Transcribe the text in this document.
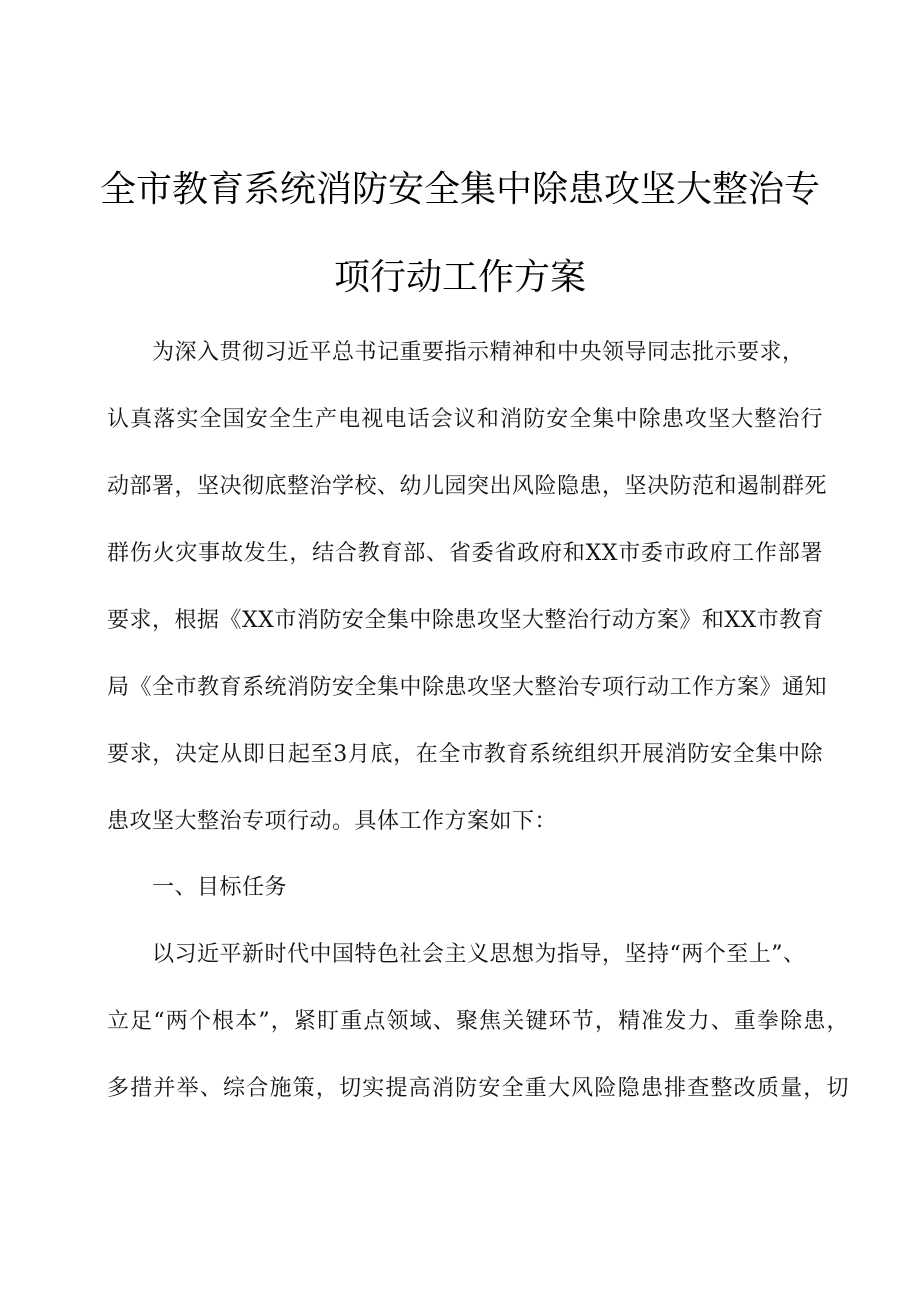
全市教育系统消防安全集中除患攻坚大整治专
项行动工作方案
为深入贯彻习近平总书记重要指示精神和中央领导同志批示要求，
认真落实全国安全生产电视电话会议和消防安全集中除患攻坚大整治行
动部署，坚决彻底整治学校、幼儿园突出风险隐患，坚决防范和遏制群死
群伤火灾事故发生，结合教育部、省委省政府和XX市委市政府工作部署
要求，根据《XX市消防安全集中除患攻坚大整治行动方案》和XX市教育
局《全市教育系统消防安全集中除患攻坚大整治专项行动工作方案》通知
要求，决定从即日起至3月底，在全市教育系统组织开展消防安全集中除
患攻坚大整治专项行动。具体工作方案如下：
一、目标任务
以习近平新时代中国特色社会主义思想为指导，坚持“两个至上”、
立足“两个根本”，紧盯重点领域、聚焦关键环节，精准发力、重拳除患，
多措并举、综合施策，切实提高消防安全重大风险隐患排查整改质量，切
